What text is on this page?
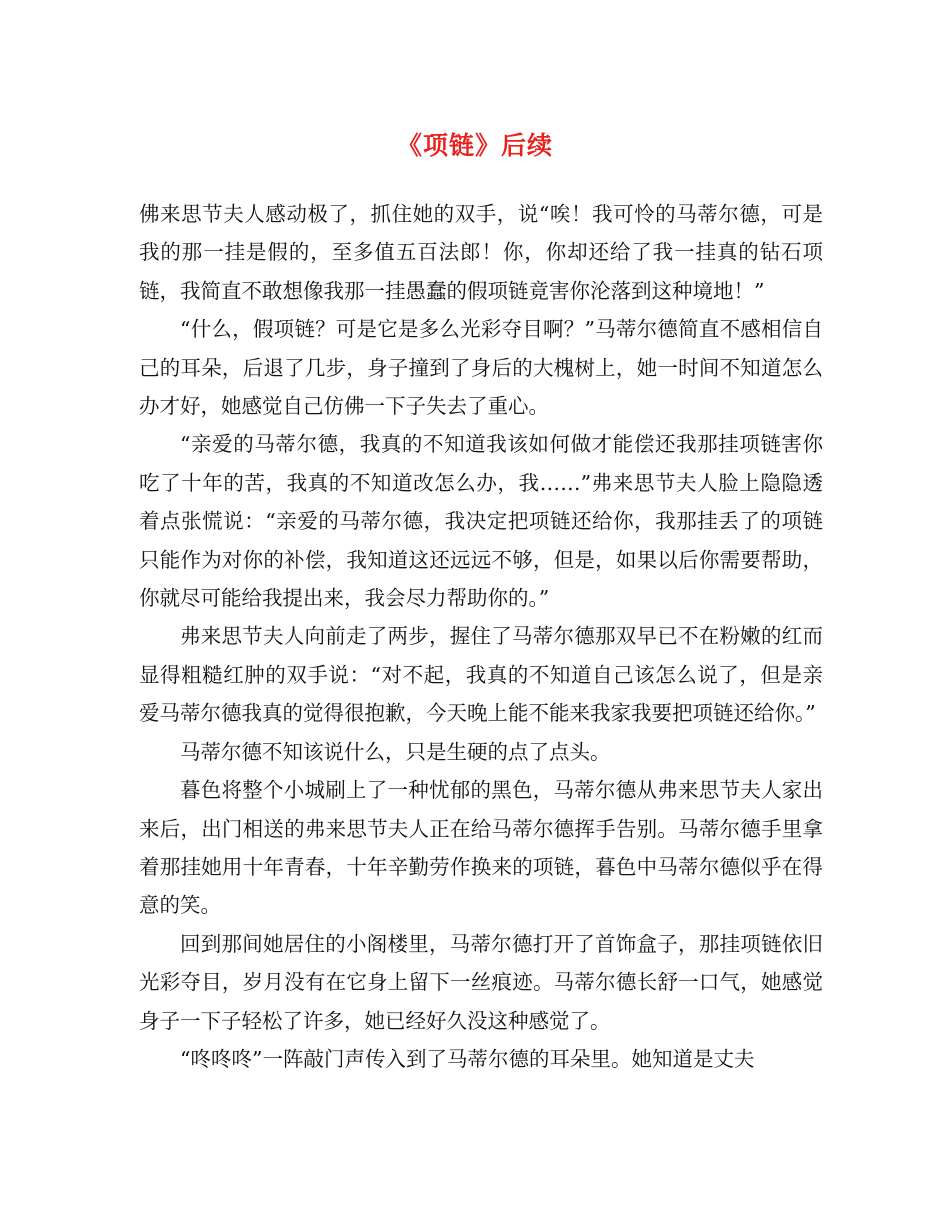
《项链》后续

佛来思节夫人感动极了，抓住她的双手，说“唉！我可怜的马蒂尔德，可是我的那一挂是假的，至多值五百法郎！你，你却还给了我一挂真的钻石项链，我简直不敢想像我那一挂愚蠢的假项链竟害你沦落到这种境地！”

“什么，假项链？可是它是多么光彩夺目啊？”马蒂尔德简直不感相信自己的耳朵，后退了几步，身子撞到了身后的大槐树上，她一时间不知道怎么办才好，她感觉自己仿佛一下子失去了重心。

“亲爱的马蒂尔德，我真的不知道我该如何做才能偿还我那挂项链害你吃了十年的苦，我真的不知道改怎么办，我……”弗来思节夫人脸上隐隐透着点张慌说：“亲爱的马蒂尔德，我决定把项链还给你，我那挂丢了的项链只能作为对你的补偿，我知道这还远远不够，但是，如果以后你需要帮助，你就尽可能给我提出来，我会尽力帮助你的。”

弗来思节夫人向前走了两步，握住了马蒂尔德那双早已不在粉嫩的红而显得粗糙红肿的双手说：“对不起，我真的不知道自己该怎么说了，但是亲爱马蒂尔德我真的觉得很抱歉，今天晚上能不能来我家我要把项链还给你。”

马蒂尔德不知该说什么，只是生硬的点了点头。

暮色将整个小城刷上了一种忧郁的黑色，马蒂尔德从弗来思节夫人家出来后，出门相送的弗来思节夫人正在给马蒂尔德挥手告别。马蒂尔德手里拿着那挂她用十年青春，十年辛勤劳作换来的项链，暮色中马蒂尔德似乎在得意的笑。

回到那间她居住的小阁楼里，马蒂尔德打开了首饰盒子，那挂项链依旧光彩夺目，岁月没有在它身上留下一丝痕迹。马蒂尔德长舒一口气，她感觉身子一下子轻松了许多，她已经好久没这种感觉了。

“咚咚咚”一阵敲门声传入到了马蒂尔德的耳朵里。她知道是丈夫
